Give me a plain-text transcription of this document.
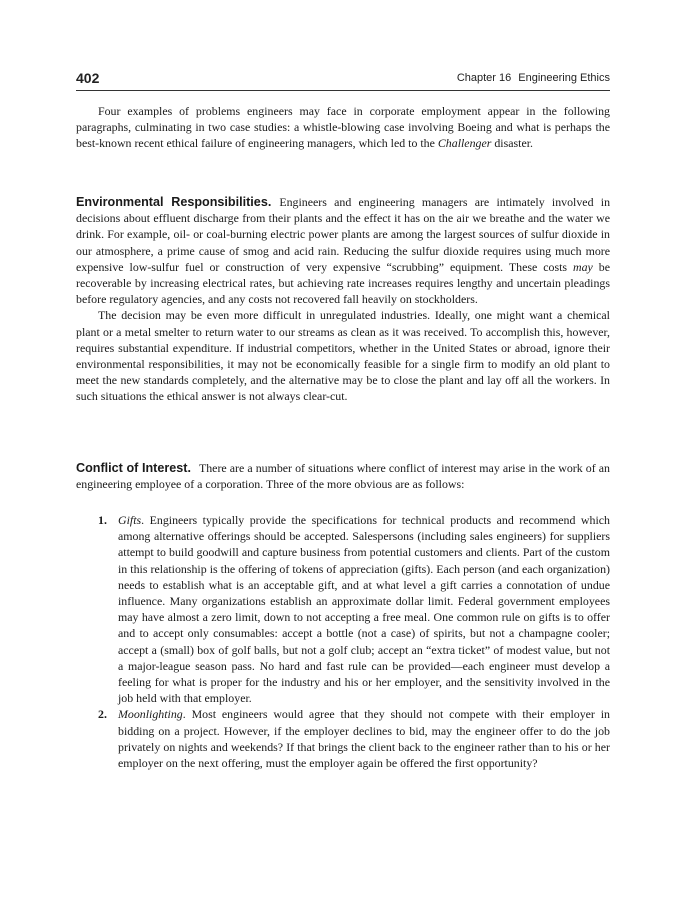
402	Chapter 16 Engineering Ethics

Four examples of problems engineers may face in corporate employment appear in the following paragraphs, culminating in two case studies: a whistle-blowing case involving Boeing and what is perhaps the best-known recent ethical failure of engineering managers, which led to the Challenger disaster.

Environmental Responsibilities. Engineers and engineering managers are intimately involved in decisions about effluent discharge from their plants and the effect it has on the air we breathe and the water we drink. For example, oil- or coal-burning electric power plants are among the largest sources of sulfur dioxide in our atmosphere, a prime cause of smog and acid rain. Reducing the sulfur dioxide requires using much more expensive low-sulfur fuel or construction of very expensive “scrubbing” equipment. These costs may be recoverable by increasing electrical rates, but achieving rate increases requires lengthy and uncertain pleadings before regulatory agencies, and any costs not recovered fall heavily on stockholders.

The decision may be even more difficult in unregulated industries. Ideally, one might want a chemical plant or a metal smelter to return water to our streams as clean as it was received. To accomplish this, however, requires substantial expenditure. If industrial competitors, whether in the United States or abroad, ignore their environmental responsibilities, it may not be economically feasible for a single firm to modify an old plant to meet the new standards completely, and the alternative may be to close the plant and lay off all the workers. In such situations the ethical answer is not always clear-cut.

Conflict of Interest. There are a number of situations where conflict of interest may arise in the work of an engineering employee of a corporation. Three of the more obvious are as follows:

1. Gifts. Engineers typically provide the specifications for technical products and recommend which among alternative offerings should be accepted. Salespersons (including sales engineers) for suppliers attempt to build goodwill and capture business from potential customers and clients. Part of the custom in this relationship is the offering of tokens of appreciation (gifts). Each person (and each organization) needs to establish what is an acceptable gift, and at what level a gift carries a connotation of undue influence. Many organizations establish an approximate dollar limit. Federal government employees may have almost a zero limit, down to not accepting a free meal. One common rule on gifts is to offer and to accept only consumables: accept a bottle (not a case) of spirits, but not a champagne cooler; accept a (small) box of golf balls, but not a golf club; accept an “extra ticket” of modest value, but not a major-league season pass. No hard and fast rule can be provided—each engineer must develop a feeling for what is proper for the industry and his or her employer, and the sensitivity involved in the job held with that employer.
2. Moonlighting. Most engineers would agree that they should not compete with their employer in bidding on a project. However, if the employer declines to bid, may the engineer offer to do the job privately on nights and weekends? If that brings the client back to the engineer rather than to his or her employer on the next offering, must the employer again be offered the first opportunity?
